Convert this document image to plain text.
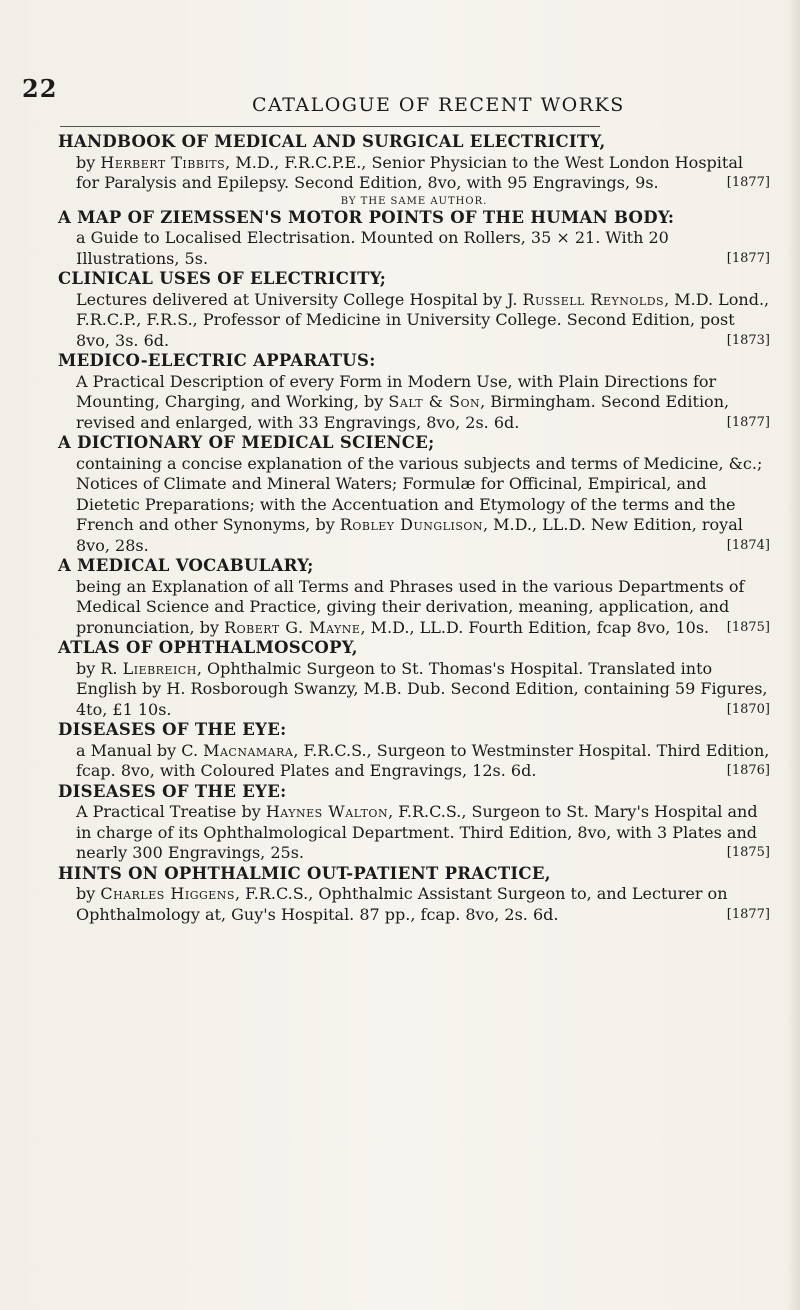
22
CATALOGUE OF RECENT WORKS
HANDBOOK OF MEDICAL AND SURGICAL ELECTRICITY,
by Herbert Tibbits, M.D., F.R.C.P.E., Senior Physician to the West London Hospital for Paralysis and Epilepsy. Second Edition, 8vo, with 95 Engravings, 9s.	[1877]
BY THE SAME AUTHOR.
A MAP OF ZIEMSSEN'S MOTOR POINTS OF THE HUMAN BODY:
a Guide to Localised Electrisation. Mounted on Rollers, 35 × 21. With 20 Illustrations, 5s.	[1877]
CLINICAL USES OF ELECTRICITY;
Lectures delivered at University College Hospital by J. Russell Reynolds, M.D. Lond., F.R.C.P., F.R.S., Professor of Medicine in University College. Second Edition, post 8vo, 3s. 6d.	[1873]
MEDICO-ELECTRIC APPARATUS:
A Practical Description of every Form in Modern Use, with Plain Directions for Mounting, Charging, and Working, by Salt & Son, Birmingham. Second Edition, revised and enlarged, with 33 Engravings, 8vo, 2s. 6d.	[1877]
A DICTIONARY OF MEDICAL SCIENCE;
containing a concise explanation of the various subjects and terms of Medicine, &c.; Notices of Climate and Mineral Waters; Formulæ for Officinal, Empirical, and Dietetic Preparations; with the Accentuation and Etymology of the terms and the French and other Synonyms, by Robley Dunglison, M.D., LL.D. New Edition, royal 8vo, 28s.	[1874]
A MEDICAL VOCABULARY;
being an Explanation of all Terms and Phrases used in the various Departments of Medical Science and Practice, giving their derivation, meaning, application, and pronunciation, by Robert G. Mayne, M.D., LL.D. Fourth Edition, fcap 8vo, 10s. [1875]
ATLAS OF OPHTHALMOSCOPY,
by R. Liebreich, Ophthalmic Surgeon to St. Thomas's Hospital. Translated into English by H. Rosborough Swanzy, M.B. Dub. Second Edition, containing 59 Figures, 4to, £1 10s.	[1870]
DISEASES OF THE EYE:
a Manual by C. Macnamara, F.R.C.S., Surgeon to Westminster Hospital. Third Edition, fcap. 8vo, with Coloured Plates and Engravings, 12s. 6d.	[1876]
DISEASES OF THE EYE:
A Practical Treatise by Haynes Walton, F.R.C.S., Surgeon to St. Mary's Hospital and in charge of its Ophthalmological Department. Third Edition, 8vo, with 3 Plates and nearly 300 Engravings, 25s.	[1875]
HINTS ON OPHTHALMIC OUT-PATIENT PRACTICE,
by Charles Higgens, F.R.C.S., Ophthalmic Assistant Surgeon to, and Lecturer on Ophthalmology at, Guy's Hospital. 87 pp., fcap. 8vo, 2s. 6d.	[1877]
